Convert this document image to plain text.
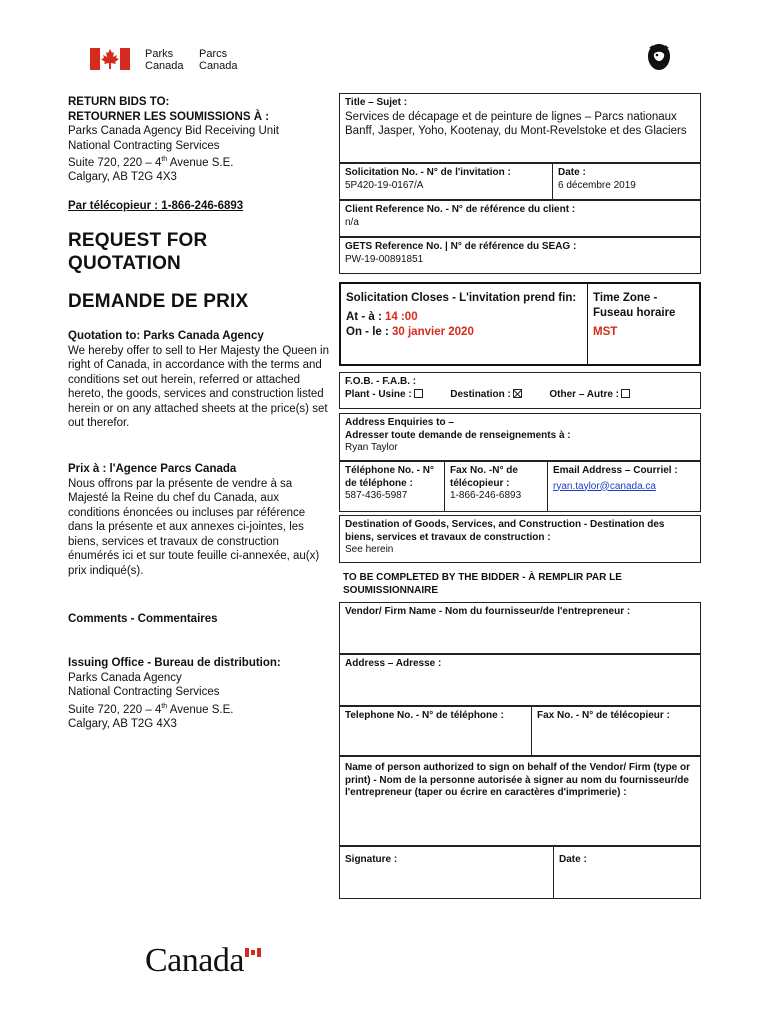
Parks
Canada
Parcs
Canada
RETURN BIDS TO:
RETOURNER LES SOUMISSIONS À :
Parks Canada Agency Bid Receiving Unit
National Contracting Services
Suite 720, 220 – 4th Avenue S.E.
Calgary, AB T2G 4X3
Par télécopieur : 1-866-246-6893
REQUEST FOR
QUOTATION
DEMANDE DE PRIX
Quotation to: Parks Canada Agency
We hereby offer to sell to Her Majesty the Queen in right of Canada, in accordance with the terms and conditions set out herein, referred or attached hereto, the goods, services and construction listed herein or on any attached sheets at the price(s) set out therefor.
Prix à : l'Agence Parcs Canada
Nous offrons par la présente de vendre à sa Majesté la Reine du chef du Canada, aux conditions énoncées ou incluses par référence dans la présente et aux annexes ci-jointes, les biens, services et travaux de construction énumérés ici et sur toute feuille ci-annexée, au(x) prix indiqué(s).
Comments - Commentaires
Issuing Office - Bureau de distribution:
Parks Canada Agency
National Contracting Services
Suite 720, 220 – 4th Avenue S.E.
Calgary, AB T2G 4X3
Title – Sujet :
Services de décapage et de peinture de lignes – Parcs nationaux Banff, Jasper, Yoho, Kootenay, du Mont-Revelstoke et des Glaciers
Solicitation No. - N° de l'invitation :
5P420-19-0167/A
Date :
6 décembre 2019
Client Reference No. - N° de référence du client :
n/a
GETS Reference No. | N° de référence du SEAG :
PW-19-00891851
Solicitation Closes - L'invitation prend fin:
At - à : 14 :00
On - le : 30 janvier 2020
Time Zone - Fuseau horaire
MST
F.O.B. - F.A.B. :
Plant - Usine :	Destination :	Other – Autre :
Address Enquiries to –
Adresser toute demande de renseignements à :
Ryan Taylor
Téléphone No. - N° de téléphone :
587-436-5987
Fax No. -N° de télécopieur :
1-866-246-6893
Email Address – Courriel :
ryan.taylor@canada.ca
Destination of Goods, Services, and Construction - Destination des biens, services et travaux de construction :
See herein
TO BE COMPLETED BY THE BIDDER - À REMPLIR PAR LE SOUMISSIONNAIRE
Vendor/ Firm Name - Nom du fournisseur/de l'entrepreneur :
Address – Adresse :
Telephone No. - N° de téléphone :	Fax No. - N° de télécopieur :
Name of person authorized to sign on behalf of the Vendor/ Firm (type or print) - Nom de la personne autorisée à signer au nom du fournisseur/de l'entrepreneur (taper ou écrire en caractères d'imprimerie) :
Signature :	Date :
Canada
